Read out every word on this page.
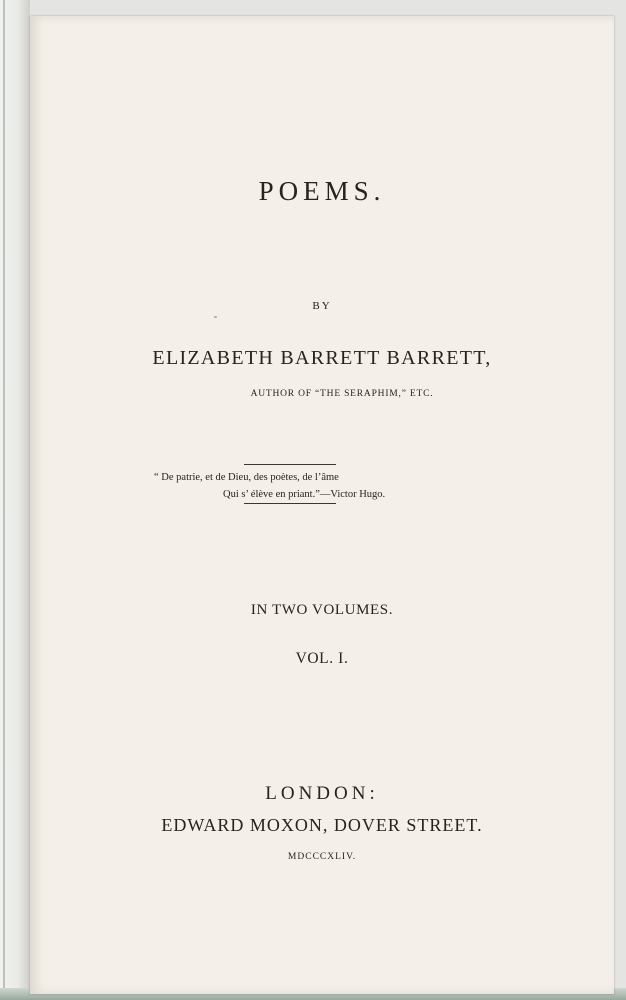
POEMS.
BY
ELIZABETH BARRETT BARRETT,
AUTHOR OF “THE SERAPHIM,” ETC.
“ De patrie, et de Dieu, des poètes, de l’âme
Qui s’ élève en priant.”—Victor Hugo.
IN TWO VOLUMES.
VOL. I.
LONDON:
EDWARD MOXON, DOVER STREET.
MDCCCXLIV.
